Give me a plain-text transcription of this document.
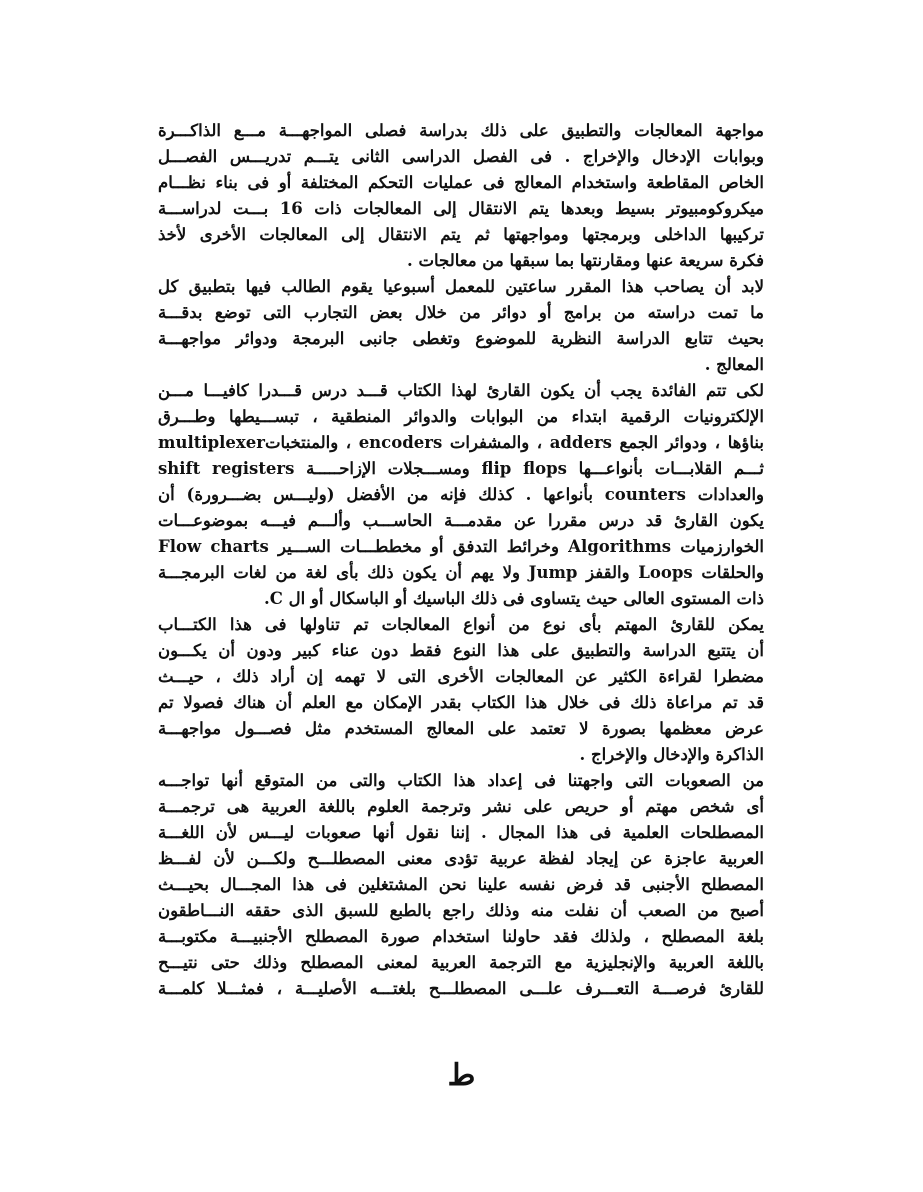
مواجهة المعالجات والتطبيق على ذلك بدراسة فصلى المواجهـــة مـــع الذاكـــرة
وبوابات الإدخال والإخراج . فى الفصل الدراسى الثانى يتـــم تدريـــس الفصـــل
الخاص المقاطعة واستخدام المعالج فى عمليات التحكم المختلفة أو فى بناء نظـــام
ميكروكومبيوتر بسيط وبعدها يتم الانتقال إلى المعالجات ذات 16 بـــت لدراســـة
تركيبها الداخلى وبرمجتها ومواجهتها ثم يتم الانتقال إلى المعالجات الأخرى لأخذ
فكرة سريعة عنها ومقارنتها بما سبقها من معالجات .
لابد أن يصاحب هذا المقرر ساعتين للمعمل أسبوعيا يقوم الطالب فيها بتطبيق كل
ما تمت دراسته من برامج أو دوائر من خلال بعض التجارب التى توضع بدقـــة
بحيث تتابع الدراسة النظرية للموضوع وتغطى جانبى البرمجة ودوائر مواجهـــة
المعالج .
لكى تتم الفائدة يجب أن يكون القارئ لهذا الكتاب قـــد درس قـــدرا كافيـــا مـــن
الإلكترونيات الرقمية ابتداء من البوابات والدوائر المنطقية ، تبســـيطها وطـــرق
بناؤها ، ودوائر الجمع adders ، والمشفرات encoders ، والمنتخباتmultiplexer
ثـــم القلابـــات بأنواعـــها flip flops ومســـجلات الإزاحـــــة shift registers
والعدادات counters بأنواعها . كذلك فإنه من الأفضل (وليـــس بضـــرورة) أن
يكون القارئ قد درس مقررا عن مقدمـــة الحاســـب وألـــم فيـــه بموضوعـــات
الخوارزميات Algorithms وخرائط التدفق أو مخططـــات الســـير Flow charts
والحلقات Loops والقفز Jump ولا يهم أن يكون ذلك بأى لغة من لغات البرمجـــة
ذات المستوى العالى حيث يتساوى فى ذلك الباسيك أو الباسكال أو ال C.
يمكن للقارئ المهتم بأى نوع من أنواع المعالجات تم تناولها فى هذا الكتـــاب
أن يتتبع الدراسة والتطبيق على هذا النوع فقط دون عناء كبير ودون أن يكـــون
مضطرا لقراءة الكثير عن المعالجات الأخرى التى لا تهمه إن أراد ذلك ، حيـــث
قد تم مراعاة ذلك فى خلال هذا الكتاب بقدر الإمكان مع العلم أن هناك فصولا تم
عرض معظمها بصورة لا تعتمد على المعالج المستخدم مثل فصـــول مواجهـــة
الذاكرة والإدخال والإخراج .
من الصعوبات التى واجهتنا فى إعداد هذا الكتاب والتى من المتوقع أنها تواجـــه
أى شخص مهتم أو حريص على نشر وترجمة العلوم باللغة العربية هى ترجمـــة
المصطلحات العلمية فى هذا المجال . إننا نقول أنها صعوبات ليـــس لأن اللغـــة
العربية عاجزة عن إيجاد لفظة عربية تؤدى معنى المصطلـــح ولكـــن لأن لفـــظ
المصطلح الأجنبى قد فرض نفسه علينا نحن المشتغلين فى هذا المجـــال بحيـــث
أصبح من الصعب أن نفلت منه وذلك راجع بالطبع للسبق الذى حققه النـــاطقون
بلغة المصطلح ، ولذلك فقد حاولنا استخدام صورة المصطلح الأجنبيـــة مكتوبـــة
باللغة العربية والإنجليزية مع الترجمة العربية لمعنى المصطلح وذلك حتى نتيـــح
للقارئ فرصـــة التعـــرف علـــى المصطلـــح بلغتـــه الأصليـــة ، فمثـــلا كلمـــة
ط
